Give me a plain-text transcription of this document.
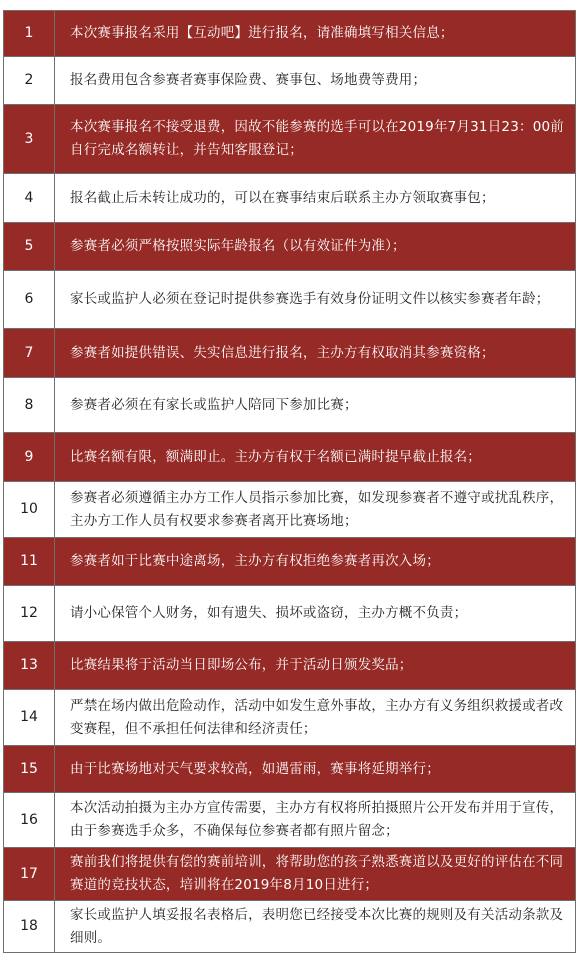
1	本次赛事报名采用【互动吧】进行报名，请准确填写相关信息；
2	报名费用包含参赛者赛事保险费、赛事包、场地费等费用；
3	本次赛事报名不接受退费，因故不能参赛的选手可以在2019年7月31日23：00前自行完成名额转让，并告知客服登记；
4	报名截止后未转让成功的，可以在赛事结束后联系主办方领取赛事包；
5	参赛者必须严格按照实际年龄报名（以有效证件为准）；
6	家长或监护人必须在登记时提供参赛选手有效身份证明文件以核实参赛者年龄；
7	参赛者如提供错误、失实信息进行报名，主办方有权取消其参赛资格；
8	参赛者必须在有家长或监护人陪同下参加比赛；
9	比赛名额有限，额满即止。主办方有权于名额已满时提早截止报名；
10	参赛者必须遵循主办方工作人员指示参加比赛，如发现参赛者不遵守或扰乱秩序，主办方工作人员有权要求参赛者离开比赛场地；
11	参赛者如于比赛中途离场，主办方有权拒绝参赛者再次入场；
12	请小心保管个人财务，如有遗失、损坏或盗窃，主办方概不负责；
13	比赛结果将于活动当日即场公布，并于活动日颁发奖品；
14	严禁在场内做出危险动作，活动中如发生意外事故，主办方有义务组织救援或者改变赛程，但不承担任何法律和经济责任；
15	由于比赛场地对天气要求较高，如遇雷雨，赛事将延期举行；
16	本次活动拍摄为主办方宣传需要，主办方有权将所拍摄照片公开发布并用于宣传，由于参赛选手众多，不确保每位参赛者都有照片留念；
17	赛前我们将提供有偿的赛前培训，将帮助您的孩子熟悉赛道以及更好的评估在不同赛道的竞技状态，培训将在2019年8月10日进行；
18	家长或监护人填妥报名表格后，表明您已经接受本次比赛的规则及有关活动条款及细则。
